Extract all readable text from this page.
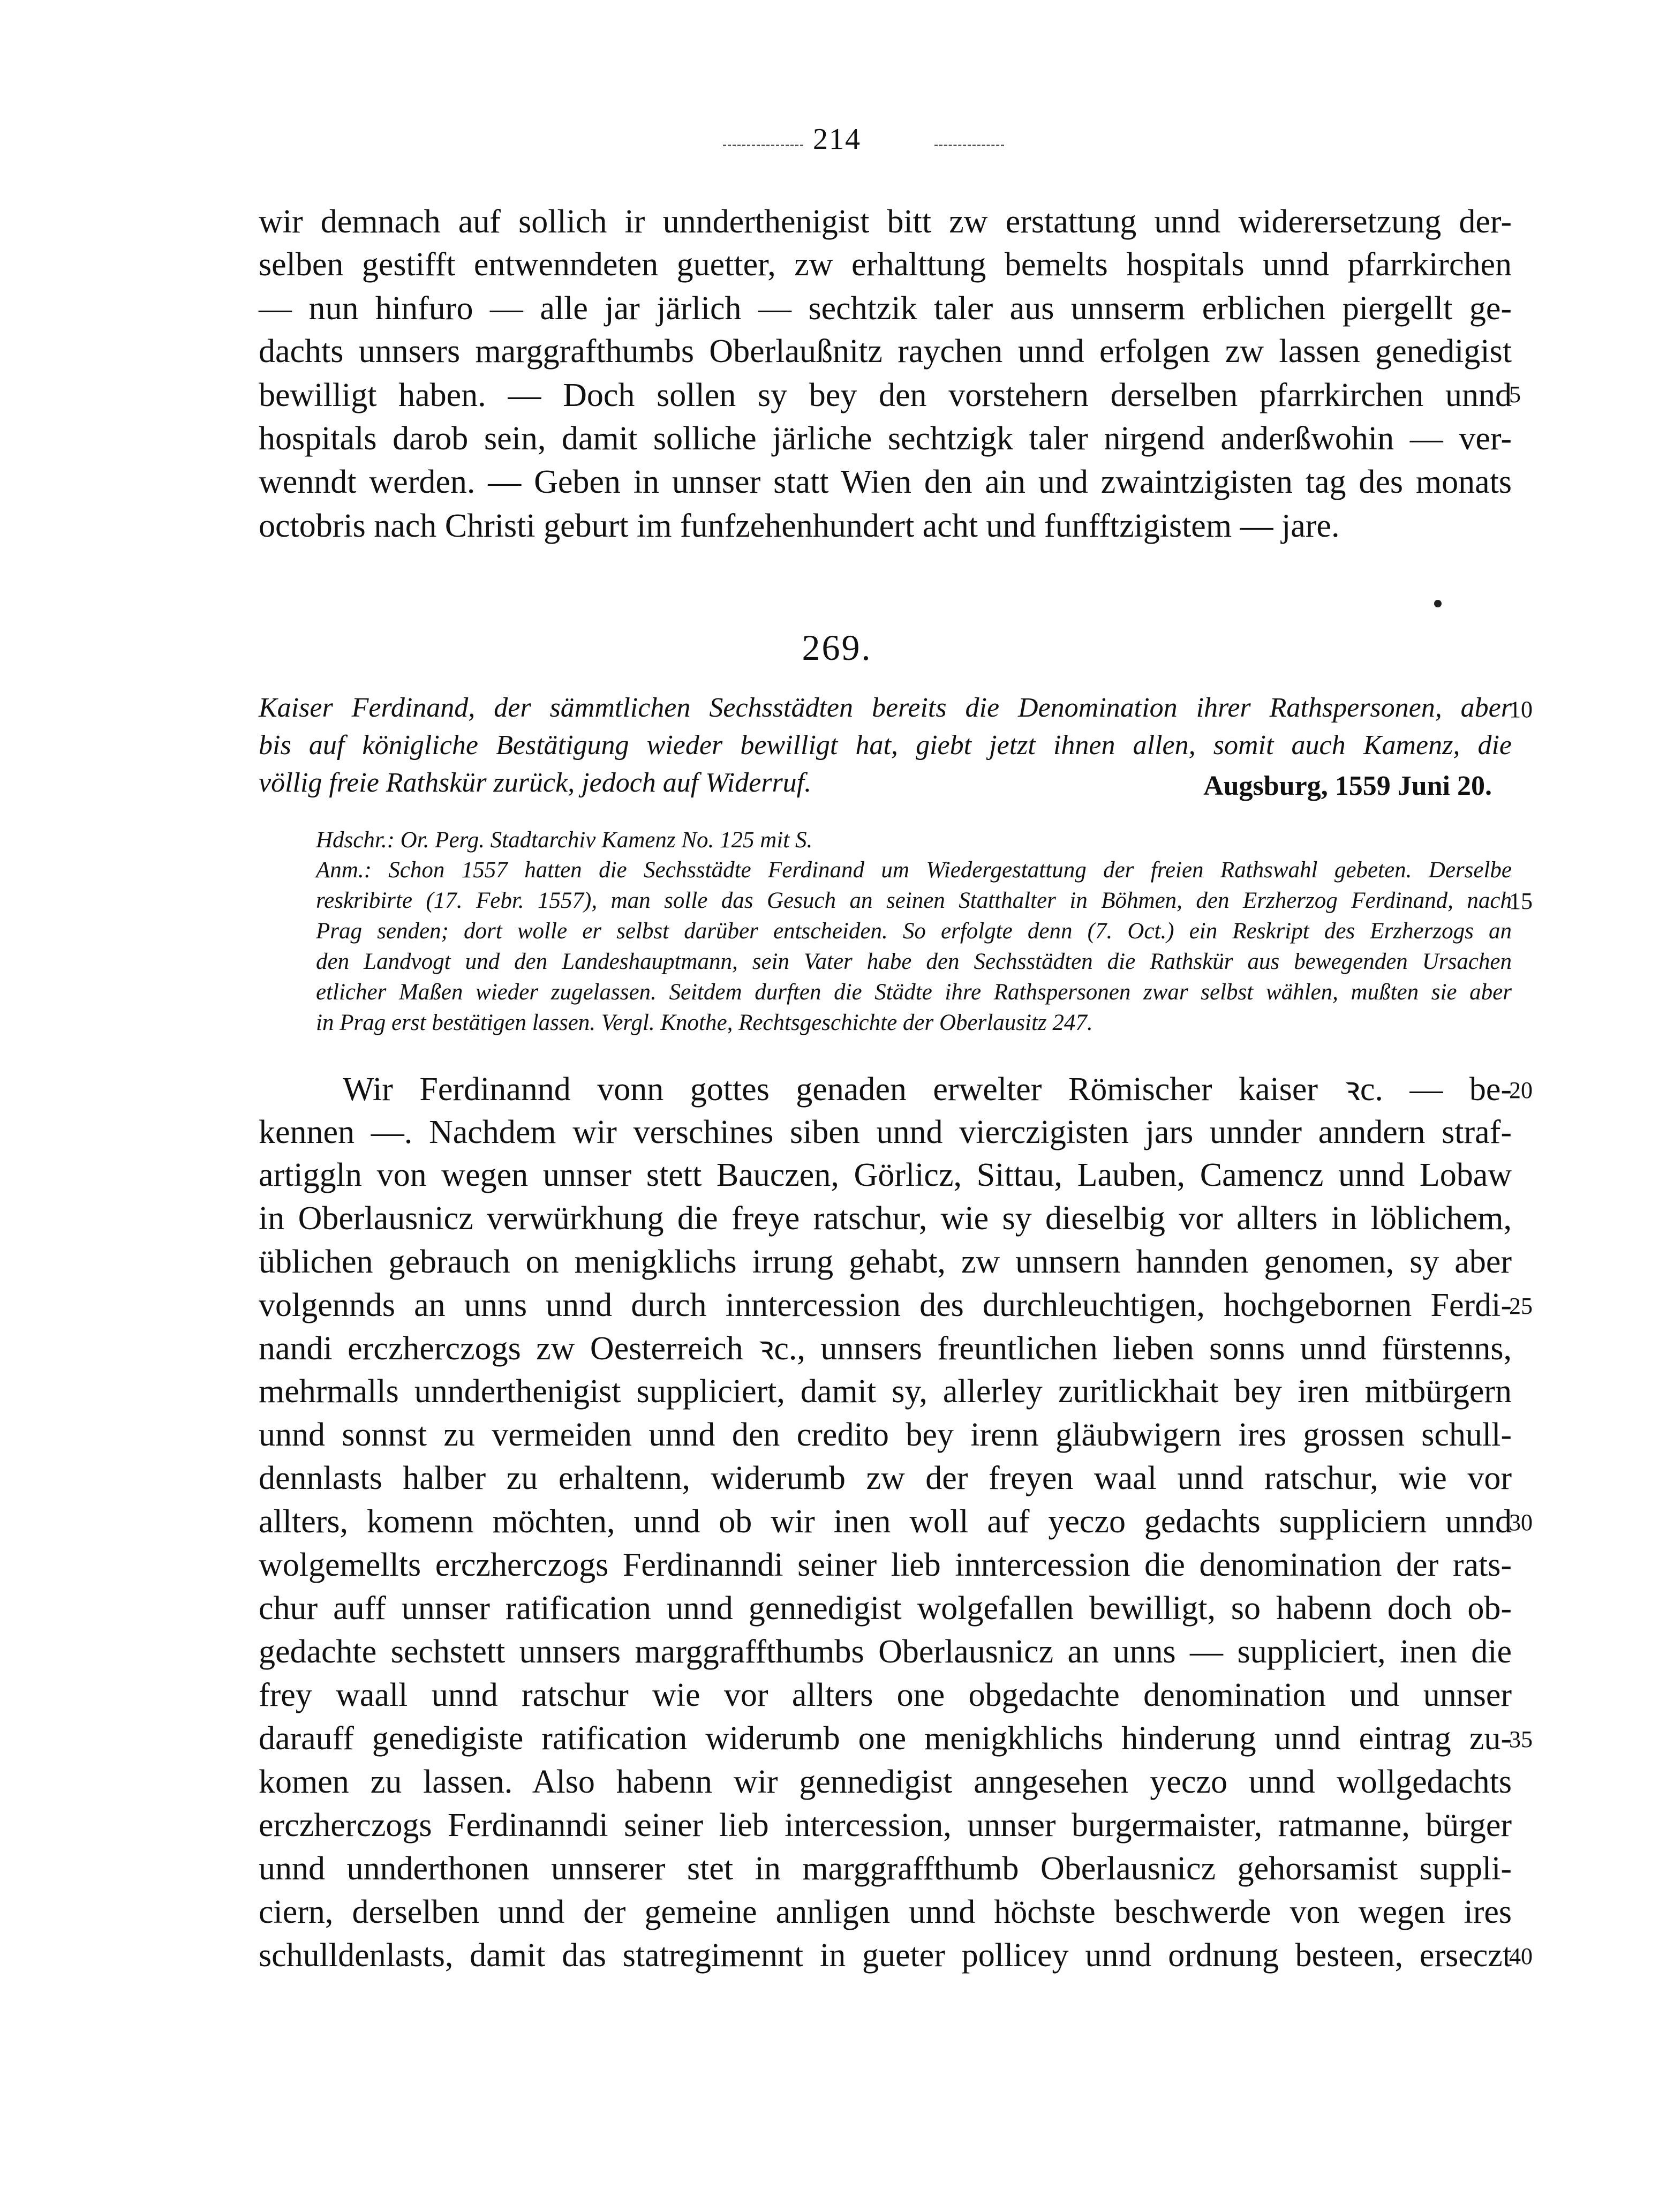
214
wir demnach auf sollich ir unnderthenigist bitt zw erstattung unnd widerersetzung der-
selben gestifft entwenndeten guetter, zw erhalttung bemelts hospitals unnd pfarrkirchen
— nun hinfuro — alle jar järlich — sechtzik taler aus unnserm erblichen piergellt ge-
dachts unnsers marggrafthumbs Oberlaußnitz raychen unnd erfolgen zw lassen genedigist
bewilligt haben. — Doch sollen sy bey den vorstehern derselben pfarrkirchen unnd
hospitals darob sein, damit solliche järliche sechtzigk taler nirgend anderßwohin — ver-
wenndt werden. — Geben in unnser statt Wien den ain und zwaintzigisten tag des monats
octobris nach Christi geburt im funfzehenhundert acht und funfftzigistem — jare.
269.
Kaiser Ferdinand, der sämmtlichen Sechsstädten bereits die Denomination ihrer Rathspersonen, aber
bis auf königliche Bestätigung wieder bewilligt hat, giebt jetzt ihnen allen, somit auch Kamenz, die
völlig freie Rathskür zurück, jedoch auf Widerruf.	Augsburg, 1559 Juni 20.
Hdschr.: Or. Perg. Stadtarchiv Kamenz No. 125 mit S.
Anm.: Schon 1557 hatten die Sechsstädte Ferdinand um Wiedergestattung der freien Rathswahl gebeten. Derselbe
reskribirte (17. Febr. 1557), man solle das Gesuch an seinen Statthalter in Böhmen, den Erzherzog Ferdinand, nach
Prag senden; dort wolle er selbst darüber entscheiden. So erfolgte denn (7. Oct.) ein Reskript des Erzherzogs an
den Landvogt und den Landeshauptmann, sein Vater habe den Sechsstädten die Rathskür aus bewegenden Ursachen
etlicher Maßen wieder zugelassen. Seitdem durften die Städte ihre Rathspersonen zwar selbst wählen, mußten sie aber
in Prag erst bestätigen lassen. Vergl. Knothe, Rechtsgeschichte der Oberlausitz 247.
Wir Ferdinannd vonn gottes genaden erwelter Römischer kaiser ꝛc. — be-
kennen —. Nachdem wir verschines siben unnd vierczigisten jars unnder anndern straf-
artiggln von wegen unnser stett Bauczen, Görlicz, Sittau, Lauben, Camencz unnd Lobaw
in Oberlausnicz verwürkhung die freye ratschur, wie sy dieselbig vor allters in löblichem,
üblichen gebrauch on menigklichs irrung gehabt, zw unnsern hannden genomen, sy aber
volgennds an unns unnd durch inntercession des durchleuchtigen, hochgebornen Ferdi-
nandi erczherczogs zw Oesterreich ꝛc., unnsers freuntlichen lieben sonns unnd fürstenns,
mehrmalls unnderthenigist suppliciert, damit sy, allerley zuritlickhait bey iren mitbürgern
unnd sonnst zu vermeiden unnd den credito bey irenn gläubwigern ires grossen schull-
dennlasts halber zu erhaltenn, widerumb zw der freyen waal unnd ratschur, wie vor
allters, komenn möchten, unnd ob wir inen woll auf yeczo gedachts suppliciern unnd
wolgemellts erczherczogs Ferdinanndi seiner lieb inntercession die denomination der rats-
chur auff unnser ratification unnd gennedigist wolgefallen bewilligt, so habenn doch ob-
gedachte sechstett unnsers marggraffthumbs Oberlausnicz an unns — suppliciert, inen die
frey waall unnd ratschur wie vor allters one obgedachte denomination und unnser
darauff genedigiste ratification widerumb one menigkhlichs hinderung unnd eintrag zu-
komen zu lassen. Also habenn wir gennedigist anngesehen yeczo unnd wollgedachts
erczherczogs Ferdinanndi seiner lieb intercession, unnser burgermaister, ratmanne, bürger
unnd unnderthonen unnserer stet in marggraffthumb Oberlausnicz gehorsamist suppli-
ciern, derselben unnd der gemeine annligen unnd höchste beschwerde von wegen ires
schulldenlasts, damit das statregimennt in gueter pollicey unnd ordnung besteen, erseczt
5
10
15
20
25
30
35
40
